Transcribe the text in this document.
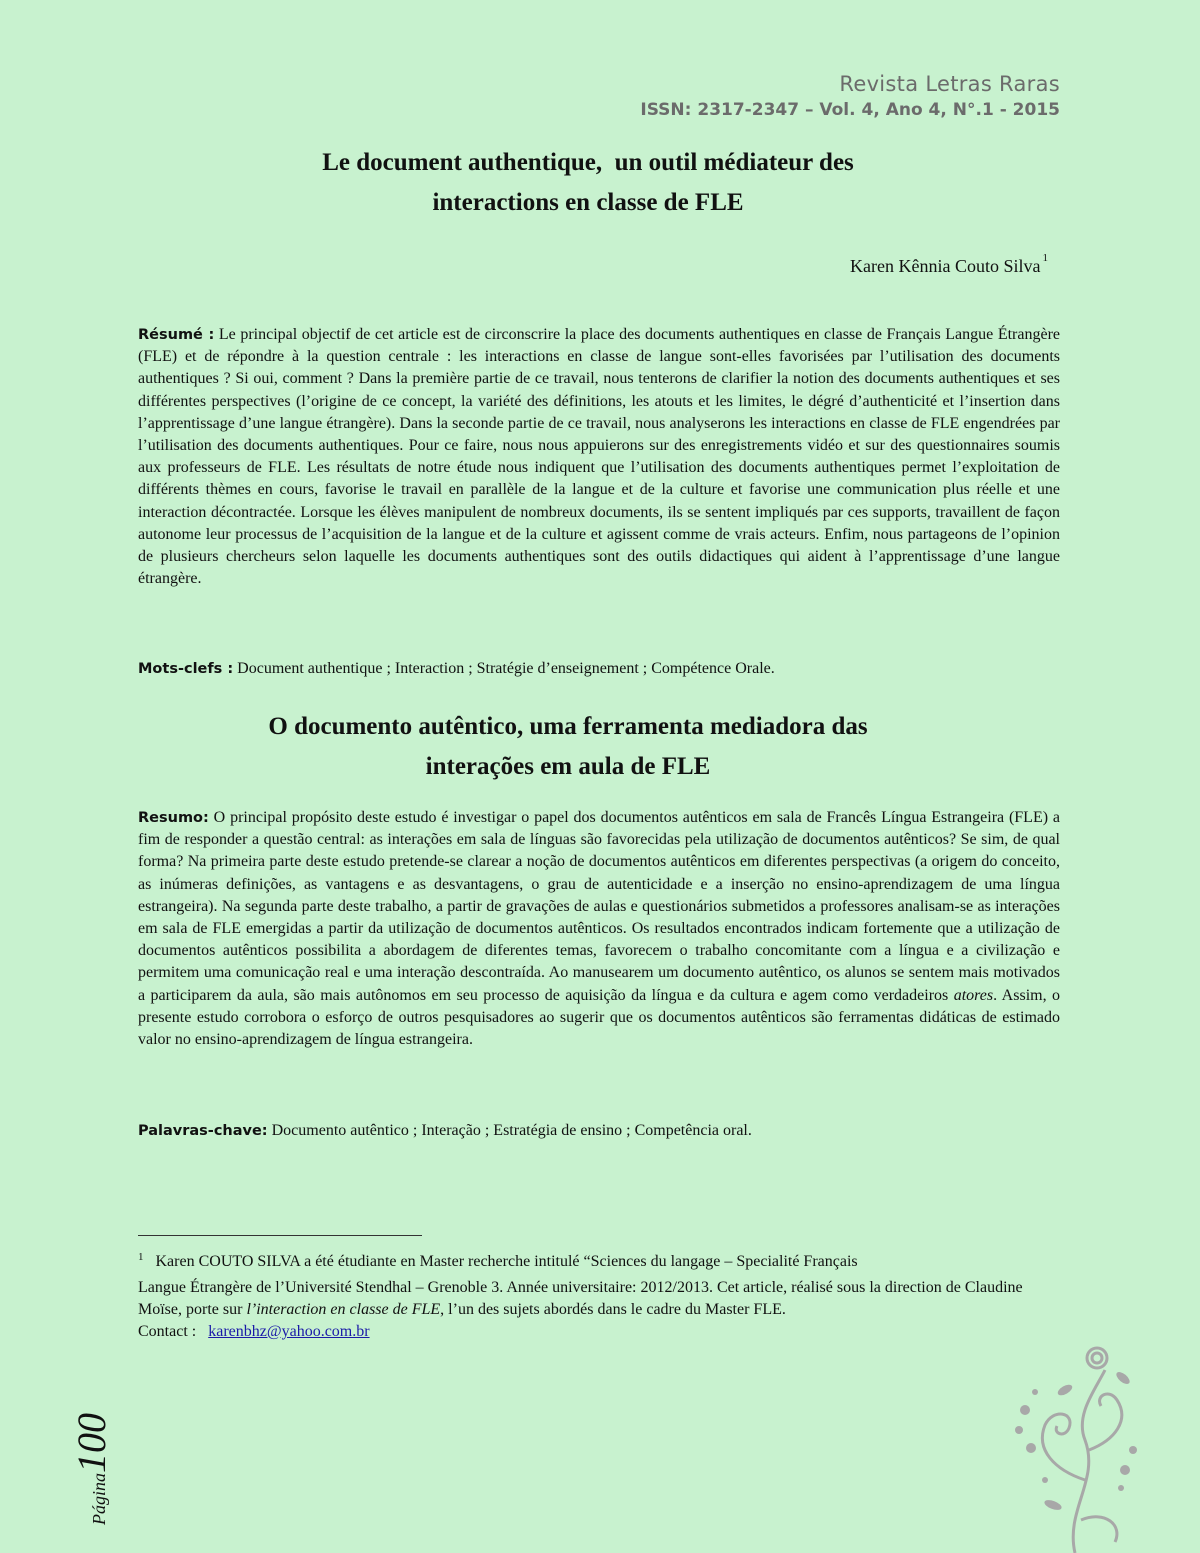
Revista Letras Raras
ISSN: 2317-2347 – Vol. 4, Ano 4, N°.1 - 2015
Le document authentique,  un outil médiateur des
interactions en classe de FLE
Karen Kênnia Couto Silva $^1$
Résumé : Le principal objectif de cet article est de circonscrire la place des documents authentiques en classe de Français Langue Étrangère (FLE) et de répondre à la question centrale : les interactions en classe de langue sont-elles favorisées par l’utilisation des documents authentiques ? Si oui, comment ? Dans la première partie de ce travail, nous tenterons de clarifier la notion des documents authentiques et ses différentes perspectives (l’origine de ce concept, la variété des définitions, les atouts et les limites, le dégré d’authenticité et l’insertion dans l’apprentissage d’une langue étrangère). Dans la seconde partie de ce travail, nous analyserons les interactions en classe de FLE engendrées par l’utilisation des documents authentiques. Pour ce faire, nous nous appuierons sur des enregistrements vidéo et sur des questionnaires soumis aux professeurs de FLE. Les résultats de notre étude nous indiquent que l’utilisation des documents authentiques permet l’exploitation de différents thèmes en cours, favorise le travail en parallèle de la langue et de la culture et favorise une communication plus réelle et une interaction décontractée. Lorsque les élèves manipulent de nombreux documents, ils se sentent impliqués par ces supports, travaillent de façon autonome leur processus de l’acquisition de la langue et de la culture et agissent comme de vrais acteurs. Enfim, nous partageons de l’opinion de plusieurs chercheurs selon laquelle les documents authentiques sont des outils didactiques qui aident à l’apprentissage d’une langue étrangère.
Mots-clefs : Document authentique ; Interaction ; Stratégie d’enseignement ; Compétence Orale.
O documento autêntico, uma ferramenta mediadora das
interações em aula de FLE
Resumo: O principal propósito deste estudo é investigar o papel dos documentos autênticos em sala de Francês Língua Estrangeira (FLE) a fim de responder a questão central: as interações em sala de línguas são favorecidas pela utilização de documentos autênticos? Se sim, de qual forma? Na primeira parte deste estudo pretende-se clarear a noção de documentos autênticos em diferentes perspectivas (a origem do conceito, as inúmeras definições, as vantagens e as desvantagens, o grau de autenticidade e a inserção no ensino-aprendizagem de uma língua estrangeira). Na segunda parte deste trabalho, a partir de gravações de aulas e questionários submetidos a professores analisam-se as interações em sala de FLE emergidas a partir da utilização de documentos autênticos. Os resultados encontrados indicam fortemente que a utilização de documentos autênticos possibilita a abordagem de diferentes temas, favorecem o trabalho concomitante com a língua e a civilização e permitem uma comunicação real e uma interação descontraída. Ao manusearem um documento autêntico, os alunos se sentem mais motivados a participarem da aula, são mais autônomos em seu processo de aquisição da língua e da cultura e agem como verdadeiros atores. Assim, o presente estudo corrobora o esforço de outros pesquisadores ao sugerir que os documentos autênticos são ferramentas didáticas de estimado valor no ensino-aprendizagem de língua estrangeira.
Palavras-chave: Documento autêntico ; Interação ; Estratégia de ensino ; Competência oral.
$^1$ Karen COUTO SILVA a été étudiante en Master recherche intitulé “Sciences du langage – Specialité Français
Langue Étrangère de l’Université Stendhal – Grenoble 3. Année universitaire: 2012/2013. Cet article, réalisé sous la direction de Claudine Moïse, porte sur l’interaction en classe de FLE, l’un des sujets abordés dans le cadre du Master FLE.
Contact : karenbhz@yahoo.com.br
Página100
